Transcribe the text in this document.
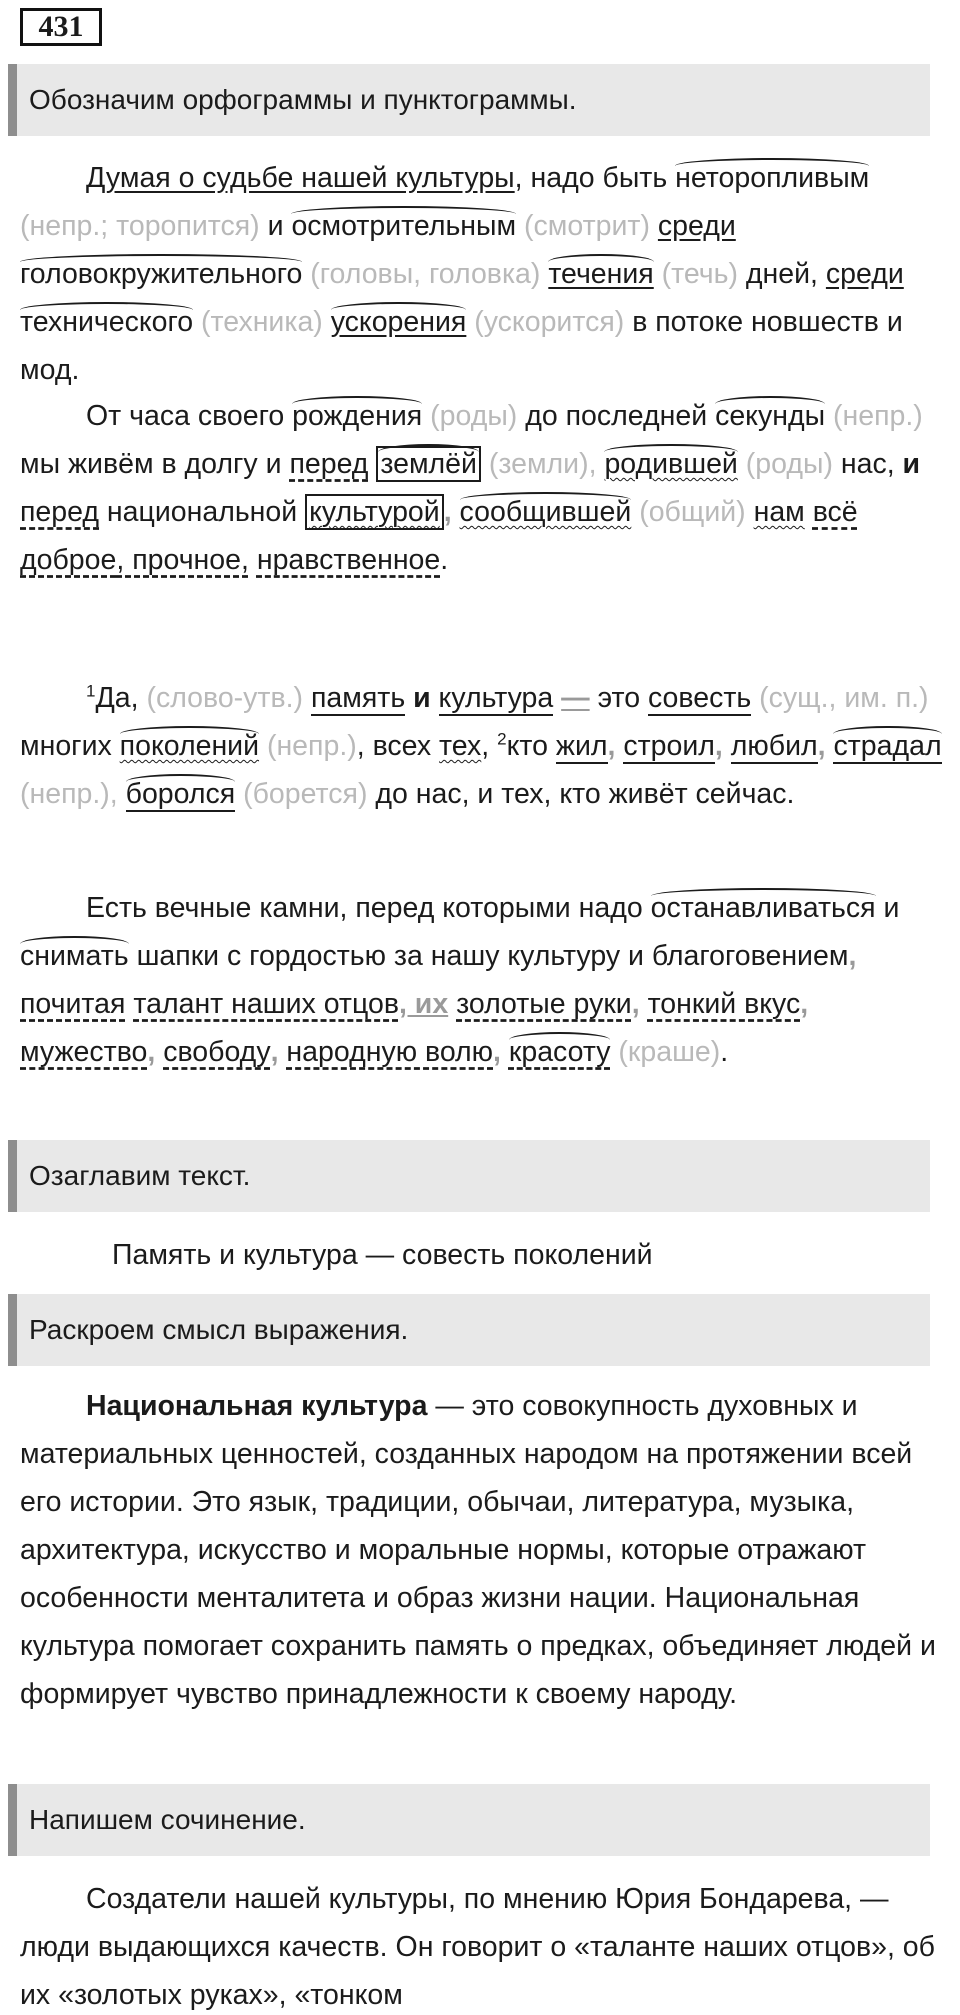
431
Обозначим орфограммы и пунктограммы.
Думая о судьбе нашей культуры, надо быть неторопливым (непр.; торопится) и осмотрительным (смотрит) среди головокружительного (головы, головка) течения (течь) дней, среди технического (техника) ускорения (ускорится) в потоке новшеств и мод.
От часа своего рождения (роды) до последней секунды (непр.) мы живём в долгу и перед землёй (земли), родившей (роды) нас, и перед национальной культурой , сообщившей (общий) нам всё доброе, прочное, нравственное.
$^1$Да, (слово-утв.) память и культура — это совесть (сущ., им. п.) многих поколений (непр.), всех тех, $^2$кто жил, строил, любил, страдал (непр.), боролся (борется) до нас, и тех, кто живёт сейчас.
Есть вечные камни, перед которыми надо останавливаться и снимать шапки с гордостью за нашу культуру и благоговением, почитая талант наших отцов, их золотые руки, тонкий вкус, мужество, свободу, народную волю, красоту (краше).
Озаглавим текст.
Память и культура — совесть поколений
Раскроем смысл выражения.
Национальная культура — это совокупность духовных и материальных ценностей, созданных народом на протяжении всей его истории. Это язык, традиции, обычаи, литература, музыка, архитектура, искусство и моральные нормы, которые отражают особенности менталитета и образ жизни нации. Национальная культура помогает сохранить память о предках, объединяет людей и формирует чувство принадлежности к своему народу.
Напишем сочинение.
Создатели нашей культуры, по мнению Юрия Бондарева, — люди выдающихся качеств. Он говорит о «таланте наших отцов», об их «золотых руках», «тонком
